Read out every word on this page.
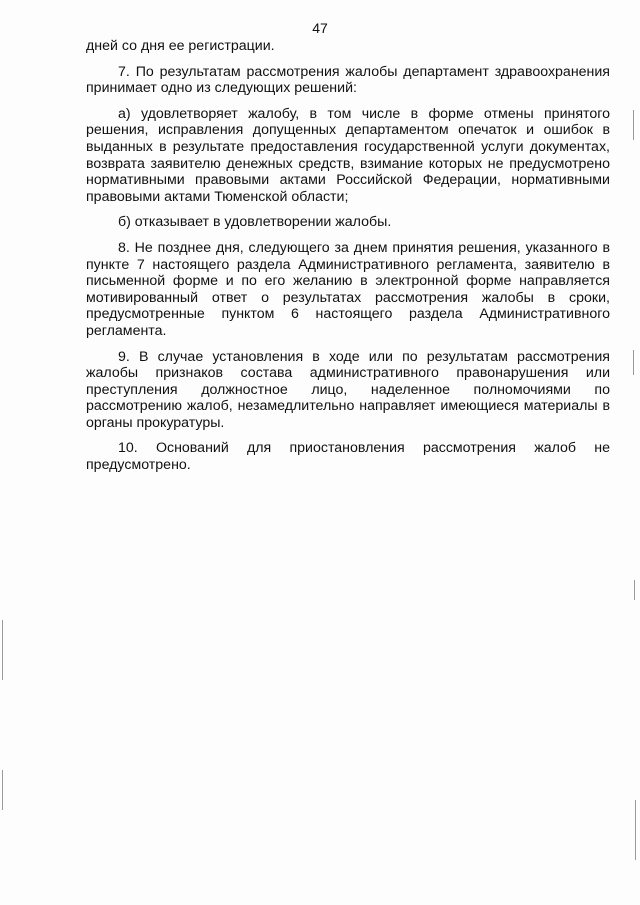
47

дней со дня ее регистрации.

7. По результатам рассмотрения жалобы департамент здравоохранения принимает одно из следующих решений:

а) удовлетворяет жалобу, в том числе в форме отмены принятого решения, исправления допущенных департаментом опечаток и ошибок в выданных в результате предоставления государственной услуги документах, возврата заявителю денежных средств, взимание которых не предусмотрено нормативными правовыми актами Российской Федерации, нормативными правовыми актами Тюменской области;

б) отказывает в удовлетворении жалобы.

8. Не позднее дня, следующего за днем принятия решения, указанного в пункте 7 настоящего раздела Административного регламента, заявителю в письменной форме и по его желанию в электронной форме направляется мотивированный ответ о результатах рассмотрения жалобы в сроки, предусмотренные пунктом 6 настоящего раздела Административного регламента.

9. В случае установления в ходе или по результатам рассмотрения жалобы признаков состава административного правонарушения или преступления должностное лицо, наделенное полномочиями по рассмотрению жалоб, незамедлительно направляет имеющиеся материалы в органы прокуратуры.

10. Оснований для приостановления рассмотрения жалоб не предусмотрено.
